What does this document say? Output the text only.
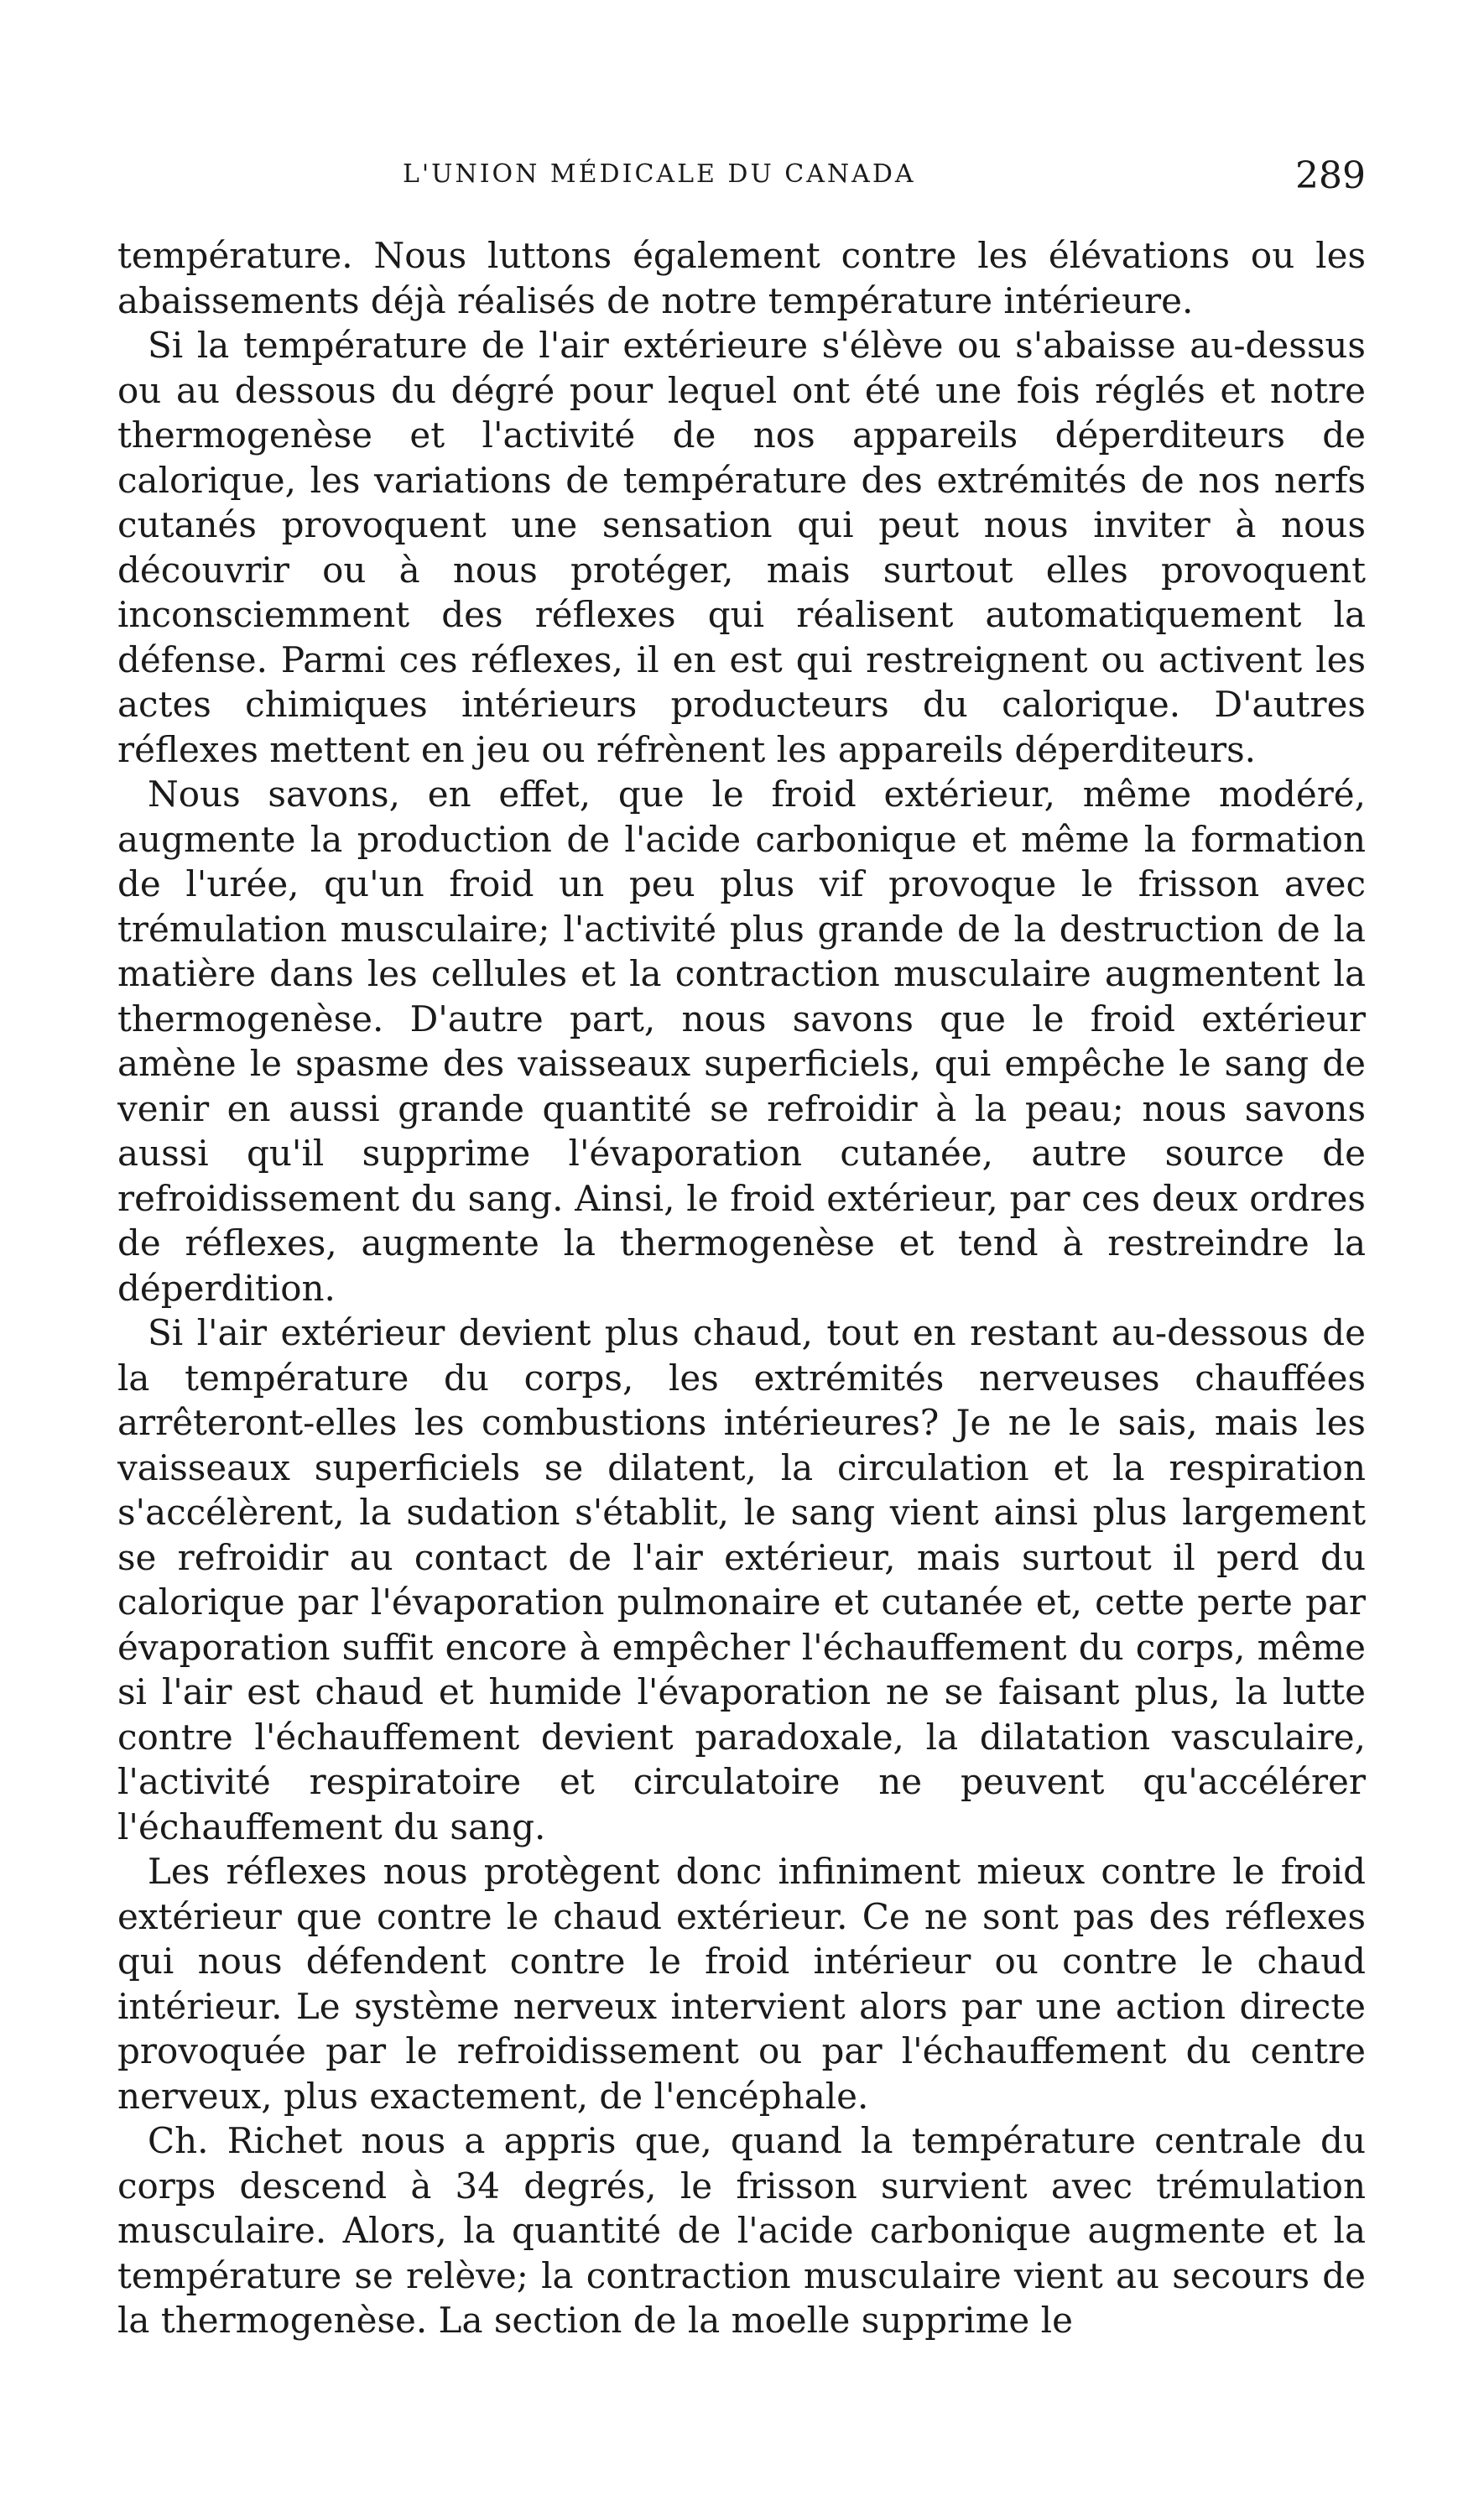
L'UNION MÉDICALE DU CANADA	289

température. Nous luttons également contre les élévations ou les abaissements déjà réalisés de notre température intérieure.

Si la température de l'air extérieure s'élève ou s'abaisse au-dessus ou au dessous du dégré pour lequel ont été une fois réglés et notre thermogenèse et l'activité de nos appareils déperditeurs de calorique, les variations de température des extrémités de nos nerfs cutanés provoquent une sensation qui peut nous inviter à nous découvrir ou à nous protéger, mais surtout elles provoquent inconsciemment des réflexes qui réalisent automatiquement la défense. Parmi ces réflexes, il en est qui restreignent ou activent les actes chimiques intérieurs producteurs du calorique. D'autres réflexes mettent en jeu ou réfrènent les appareils déperditeurs.

Nous savons, en effet, que le froid extérieur, même modéré, augmente la production de l'acide carbonique et même la formation de l'urée, qu'un froid un peu plus vif provoque le frisson avec trémulation musculaire; l'activité plus grande de la destruction de la matière dans les cellules et la contraction musculaire augmentent la thermogenèse. D'autre part, nous savons que le froid extérieur amène le spasme des vaisseaux superficiels, qui empêche le sang de venir en aussi grande quantité se refroidir à la peau; nous savons aussi qu'il supprime l'évaporation cutanée, autre source de refroidissement du sang. Ainsi, le froid extérieur, par ces deux ordres de réflexes, augmente la thermogenèse et tend à restreindre la déperdition.

Si l'air extérieur devient plus chaud, tout en restant au-dessous de la température du corps, les extrémités nerveuses chauffées arrêteront-elles les combustions intérieures? Je ne le sais, mais les vaisseaux superficiels se dilatent, la circulation et la respiration s'accélèrent, la sudation s'établit, le sang vient ainsi plus largement se refroidir au contact de l'air extérieur, mais surtout il perd du calorique par l'évaporation pulmonaire et cutanée et, cette perte par évaporation suffit encore à empêcher l'échauffement du corps, même si l'air est chaud et humide l'évaporation ne se faisant plus, la lutte contre l'échauffement devient paradoxale, la dilatation vasculaire, l'activité respiratoire et circulatoire ne peuvent qu'accélérer l'échauffement du sang.

Les réflexes nous protègent donc infiniment mieux contre le froid extérieur que contre le chaud extérieur. Ce ne sont pas des réflexes qui nous défendent contre le froid intérieur ou contre le chaud intérieur. Le système nerveux intervient alors par une action directe provoquée par le refroidissement ou par l'échauffement du centre nerveux, plus exactement, de l'encéphale.

Ch. Richet nous a appris que, quand la température centrale du corps descend à 34 degrés, le frisson survient avec trémulation musculaire. Alors, la quantité de l'acide carbonique augmente et la température se relève; la contraction musculaire vient au secours de la thermogenèse. La section de la moelle supprime le
